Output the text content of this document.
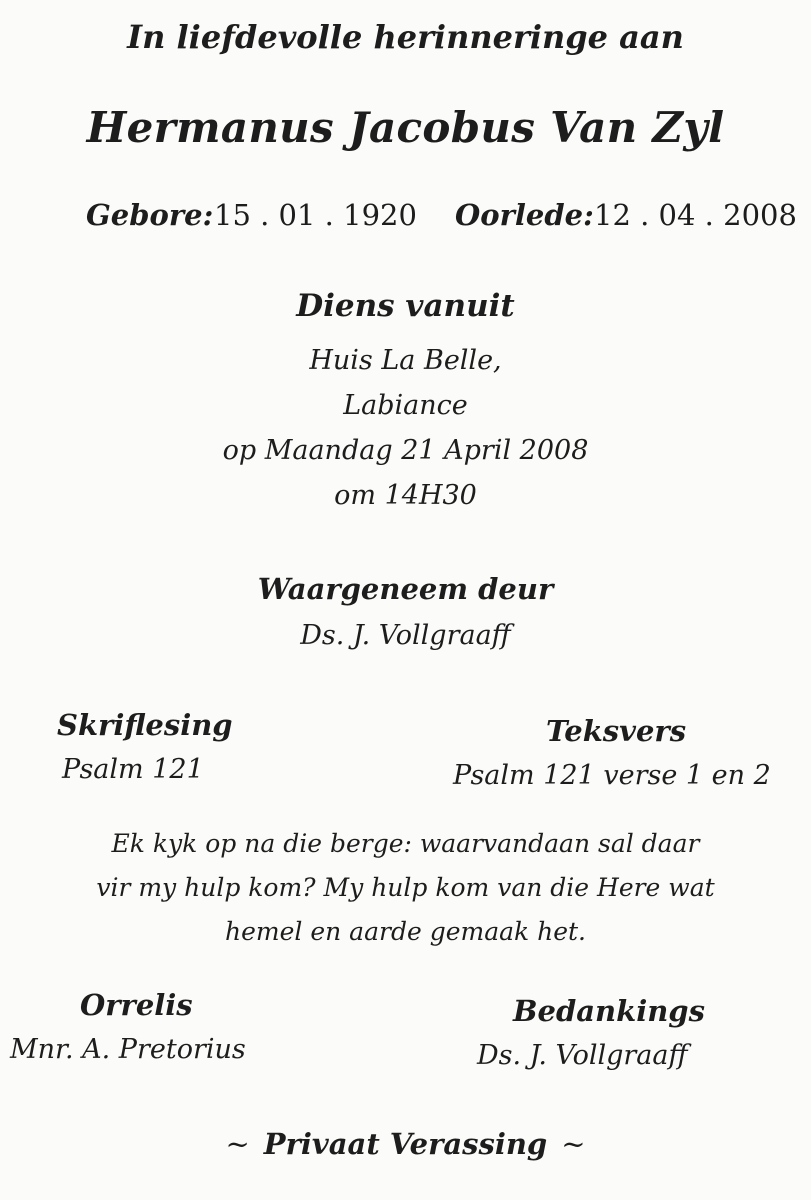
In liefdevolle herinneringe aan
Hermanus Jacobus Van Zyl
Gebore: 15 . 01 . 1920 Oorlede: 12 . 04 . 2008
Diens vanuit
Huis La Belle,
Labiance
op Maandag 21 April 2008
om 14H30
Waargeneem deur
Ds. J. Vollgraaff
Skriflesing
Psalm 121
Teksvers
Psalm 121 verse 1 en 2
Ek kyk op na die berge: waarvandaan sal daar
vir my hulp kom? My hulp kom van die Here wat
hemel en aarde gemaak het.
Orrelis
Mnr. A. Pretorius
Bedankings
Ds. J. Vollgraaff
~ Privaat Verassing ~
